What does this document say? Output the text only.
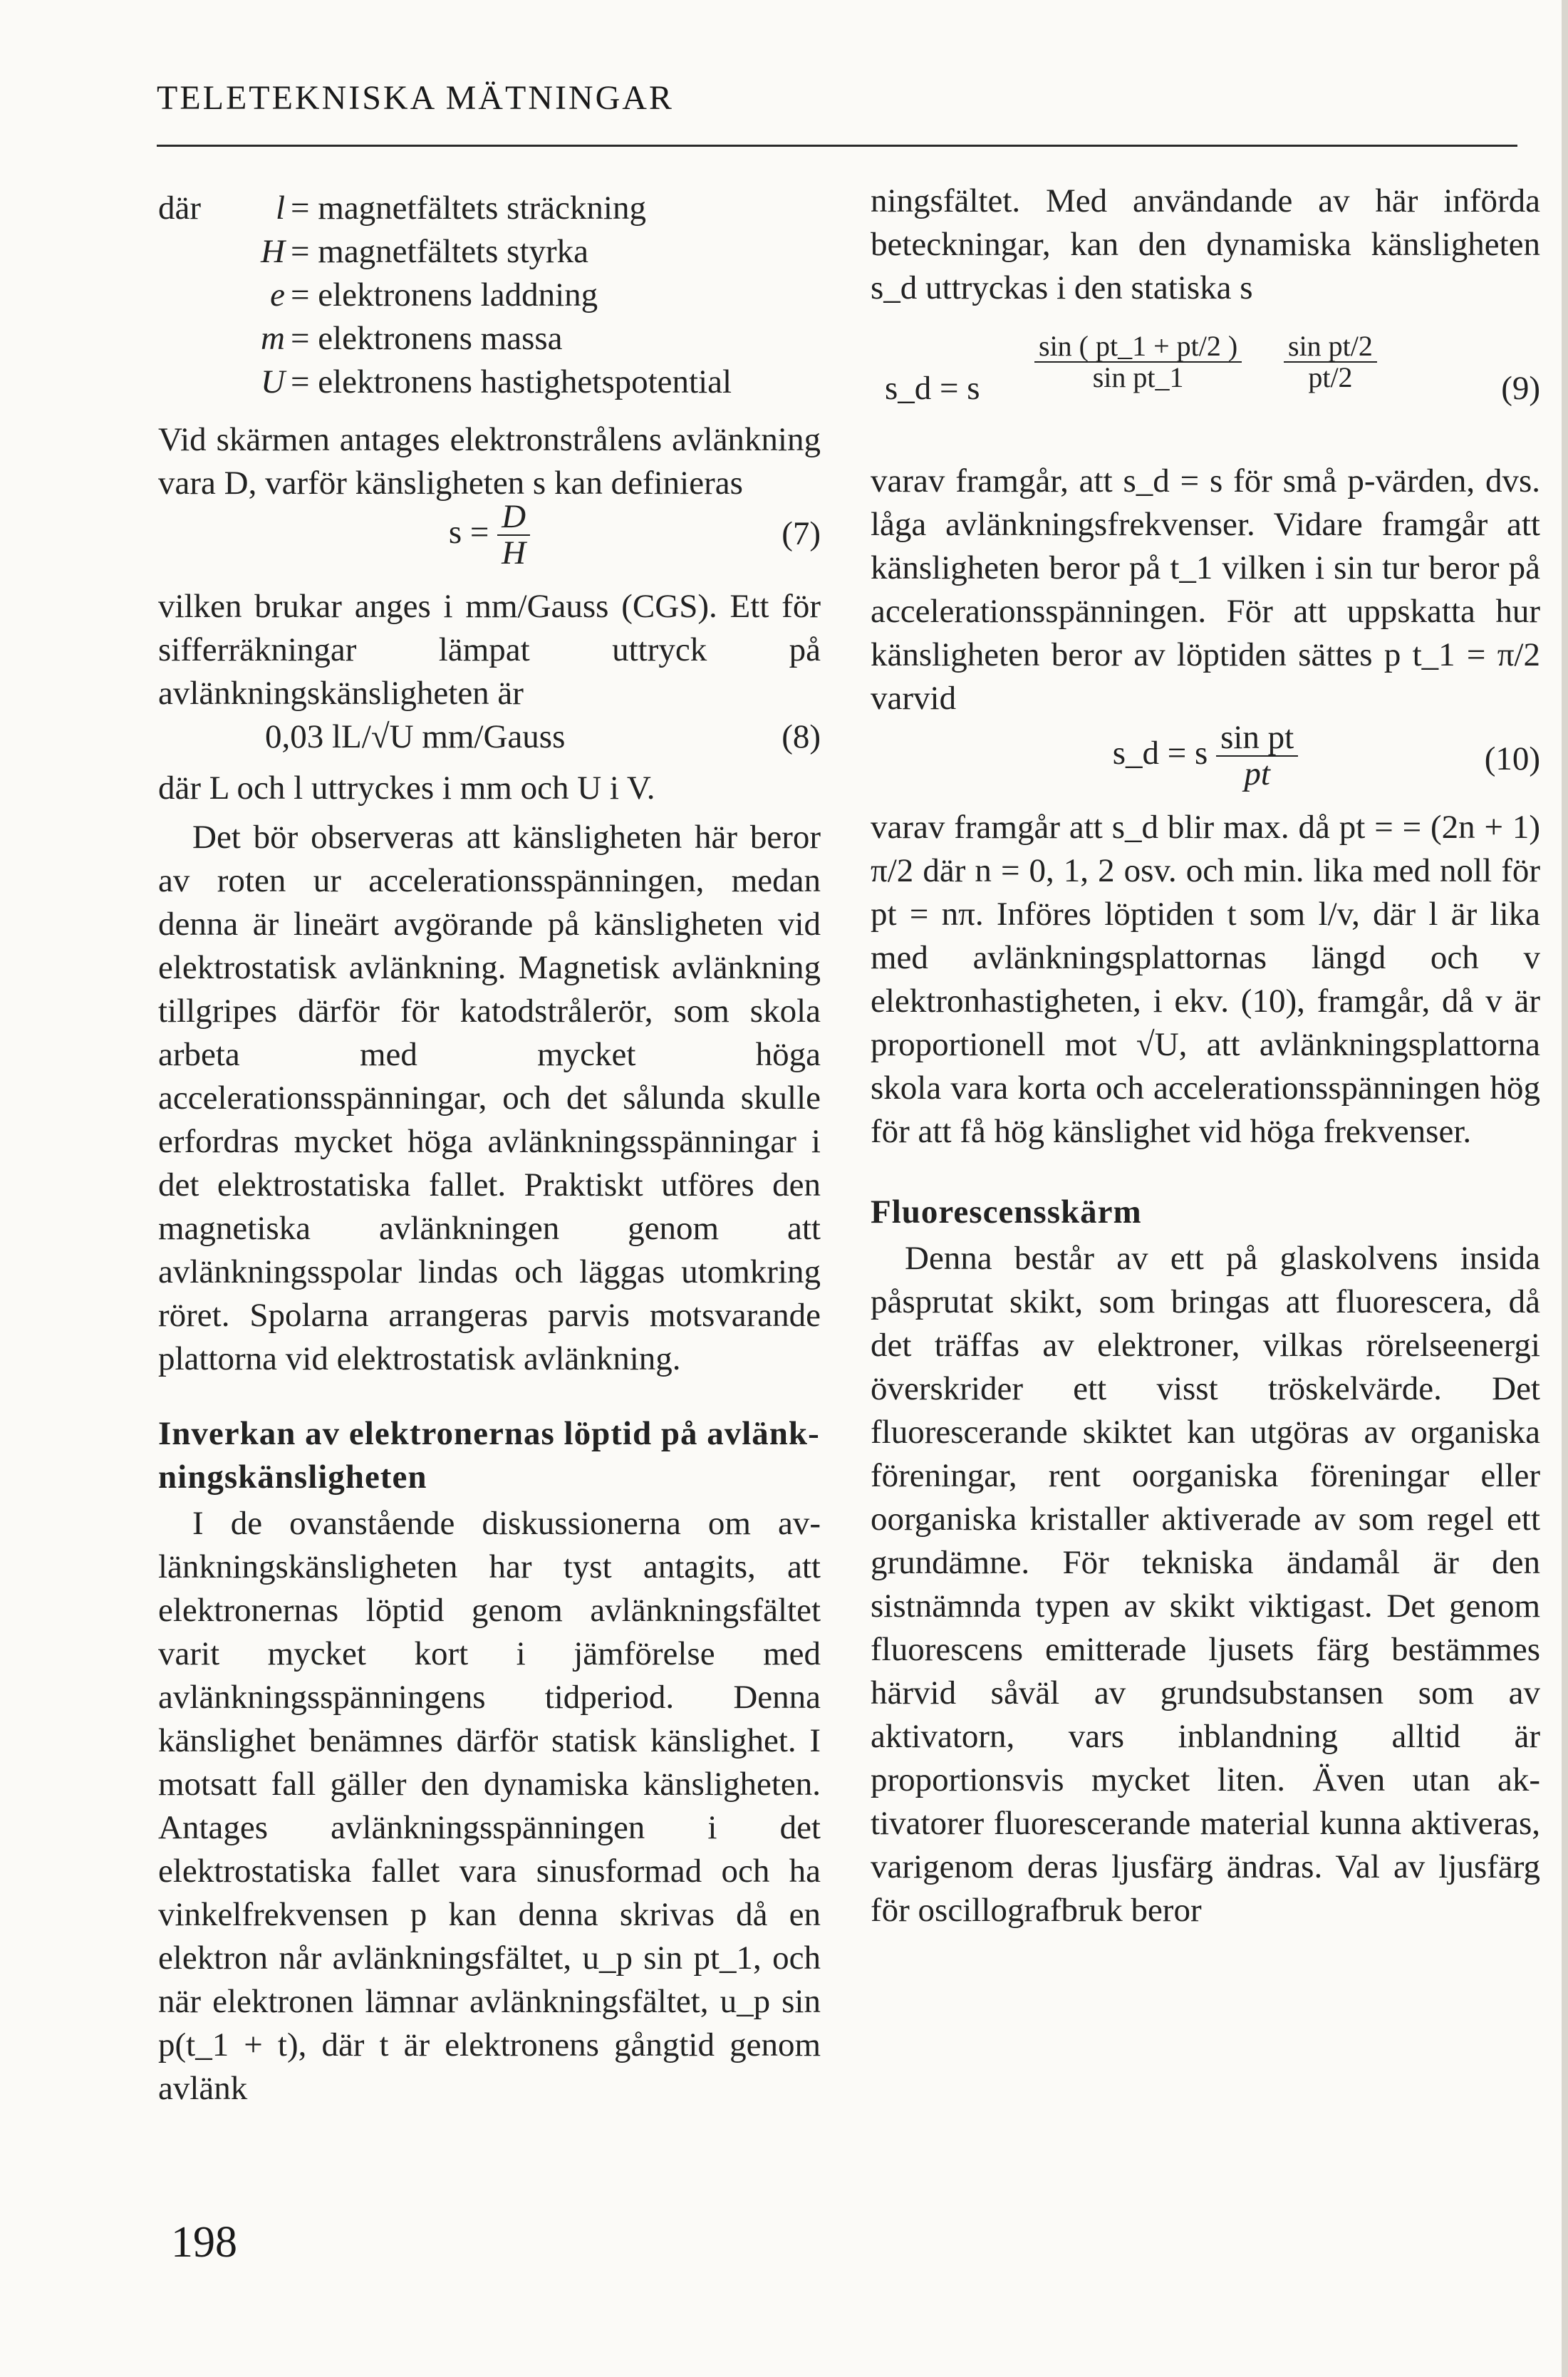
TELETEKNISKA MÄTNINGAR
där	l = magnetfältets sträckning
H = magnetfältets styrka
e = elektronens laddning
m = elektronens massa
U = elektronens hastighetspotential

Vid skärmen antages elektronstrålens avlänkning vara D, varför känsligheten s kan definieras

$s = \frac{D}{H}$	(7)

vilken brukar anges i mm/Gauss (CGS). Ett för sifferräkningar lämpat uttryck på avlänkningskänsligheten är

0,03 lL/√U mm/Gauss	(8)

där L och l uttryckes i mm och U i V.

Det bör observeras att känsligheten här beror av roten ur accelerationsspänningen, medan denna är lineärt avgörande på känsligheten vid elektrostatisk avlänkning. Magnetisk avlänkning tillgripes därför för katodstrålerör, som skola arbeta med mycket höga accelerationsspänningar, och det sålunda skulle erfordras mycket höga avlänkningsspänningar i det elektrostatiska fallet. Praktiskt utföres den magnetiska avlänkningen genom att avlänkningsspolar lindas och läggas utomkring röret. Spolarna arrangeras parvis motsvarande plattorna vid elektrostatisk avlänkning.

Inverkan av elektronernas löptid på avlänkningskänsligheten

I de ovanstående diskussionerna om avlänkningskänsligheten har tyst antagits, att elektronernas löptid genom avlänkningsfältet varit mycket kort i jämförelse med avlänkningsspänningens tidperiod. Denna känslighet benämnes därför statisk känslighet. I motsatt fall gäller den dynamiska känsligheten. Antages avlänkningsspänningen i det elektrostatiska fallet vara sinusformad och ha vinkelfrekvensen p kan denna skrivas då en elektron når avlänkningsfältet, u_p sin pt_1, och när elektronen lämnar avlänkningsfältet, u_p sin p(t_1 + t), där t är elektronens gångtid genom avlänk

ningsfältet. Med användande av här införda beteckningar, kan den dynamiska känsligheten s_d uttryckas i den statiska s

s_d = s $\frac{\sin ( pt\_1 + pt/2 )}{\text{sin pt\_1}} \frac{\text{sin pt/2}}{pt/2}$	(9)

varav framgår, att s_d = s för små p-värden, dvs. låga avlänkningsfrekvenser. Vidare framgår att känsligheten beror på t_1 vilken i sin tur beror på accelerationsspänningen. För att uppskatta hur känsligheten beror av löptiden sättes p t_1 = π/2 varvid

s_d = s $\frac{\text{sin pt}}{pt}$	(10)

varav framgår att s_d blir max. då pt = = (2n + 1) π/2 där n = 0, 1, 2 osv. och min. lika med noll för pt = nπ. Införes löptiden t som l/v, där l är lika med avlänkningsplattornas längd och v elektronhastigheten, i ekv. (10), framgår, då v är proportionell mot √U, att avlänkningsplattorna skola vara korta och accelerationsspänningen hög för att få hög känslighet vid höga frekvenser.

Fluorescensskärm

Denna består av ett på glaskolvens insida påsprutat skikt, som bringas att fluorescera, då det träffas av elektroner, vilkas rörelseenergi överskrider ett visst tröskelvärde. Det fluorescerande skiktet kan utgöras av organiska föreningar, rent oorganiska föreningar eller oorganiska kristaller aktiverade av som regel ett grundämne. För tekniska ändamål är den sistnämnda typen av skikt viktigast. Det genom fluorescens emitterade ljusets färg bestämmes härvid såväl av grundsubstansen som av aktivatorn, vars inblandning alltid är proportionsvis mycket liten. Även utan aktivatorer fluorescerande material kunna aktiveras, varigenom deras ljusfärg ändras. Val av ljusfärg för oscillografbruk beror

198
